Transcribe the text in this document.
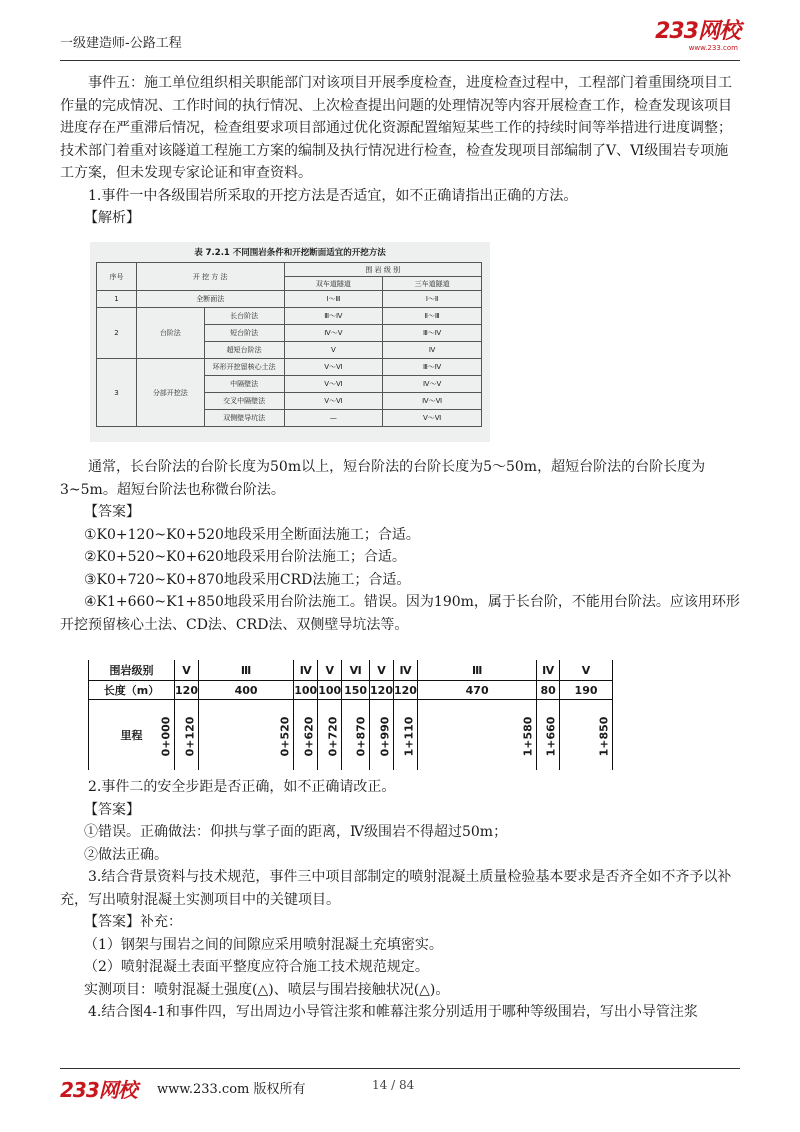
一级建造师-公路工程	233网校
www.233.com

事件五：施工单位组织相关职能部门对该项目开展季度检查，进度检查过程中，工程部门着重围绕项目工作量的完成情况、工作时间的执行情况、上次检查提出问题的处理情况等内容开展检查工作，检查发现该项目进度存在严重滞后情况，检查组要求项目部通过优化资源配置缩短某些工作的持续时间等举措进行进度调整；技术部门着重对该隧道工程施工方案的编制及执行情况进行检查，检查发现项目部编制了Ⅴ、Ⅵ级围岩专项施工方案，但未发现专家论证和审查资料。

1.事件一中各级围岩所采取的开挖方法是否适宜，如不正确请指出正确的方法。

【解析】

表 7.2.1 不同围岩条件和开挖断面适宜的开挖方法
序号	开 挖 方 法		围 岩 级 别	
			双车道隧道	三车道隧道
1	全断面法		Ⅰ～Ⅲ	Ⅰ～Ⅱ
2	台阶法	长台阶法	Ⅲ～Ⅳ	Ⅱ～Ⅲ
		短台阶法	Ⅳ～Ⅴ	Ⅲ～Ⅳ
		超短台阶法	Ⅴ	Ⅳ
3	分部开挖法	环形开挖留核心土法	Ⅴ～Ⅵ	Ⅲ～Ⅳ
		中隔壁法	Ⅴ～Ⅵ	Ⅳ～Ⅴ
		交叉中隔壁法	Ⅴ～Ⅵ	Ⅳ～Ⅵ
		双侧壁导坑法	—	Ⅴ～Ⅵ

通常，长台阶法的台阶长度为50m以上，短台阶法的台阶长度为5～50m，超短台阶法的台阶长度为3~5m。超短台阶法也称微台阶法。

【答案】

①K0+120~K0+520地段采用全断面法施工；合适。

②K0+520~K0+620地段采用台阶法施工；合适。

③K0+720~K0+870地段采用CRD法施工；合适。

④K1+660~K1+850地段采用台阶法施工。错误。因为190m，属于长台阶，不能用台阶法。应该用环形开挖预留核心土法、CD法、CRD法、双侧壁导坑法等。

围岩级别	Ⅴ	Ⅲ	Ⅳ	Ⅴ	Ⅵ	Ⅴ	Ⅳ	Ⅲ	Ⅳ	Ⅴ
长度（m）	120	400	100	100	150	120	120	470	80	190
里程 0+000	0+120	0+520	0+620	0+720	0+870	0+990	1+110	1+580	1+660	1+850

2.事件二的安全步距是否正确，如不正确请改正。

【答案】

①错误。正确做法：仰拱与掌子面的距离，Ⅳ级围岩不得超过50m；

②做法正确。

3.结合背景资料与技术规范，事件三中项目部制定的喷射混凝土质量检验基本要求是否齐全如不齐予以补充，写出喷射混凝土实测项目中的关键项目。

【答案】补充：

（1）钢架与围岩之间的间隙应采用喷射混凝土充填密实。

（2）喷射混凝土表面平整度应符合施工技术规范规定。

实测项目：喷射混凝土强度(△)、喷层与围岩接触状况(△)。

4.结合图4-1和事件四，写出周边小导管注浆和帷幕注浆分别适用于哪种等级围岩，写出小导管注浆

233网校 www.233.com 版权所有	14 / 84
